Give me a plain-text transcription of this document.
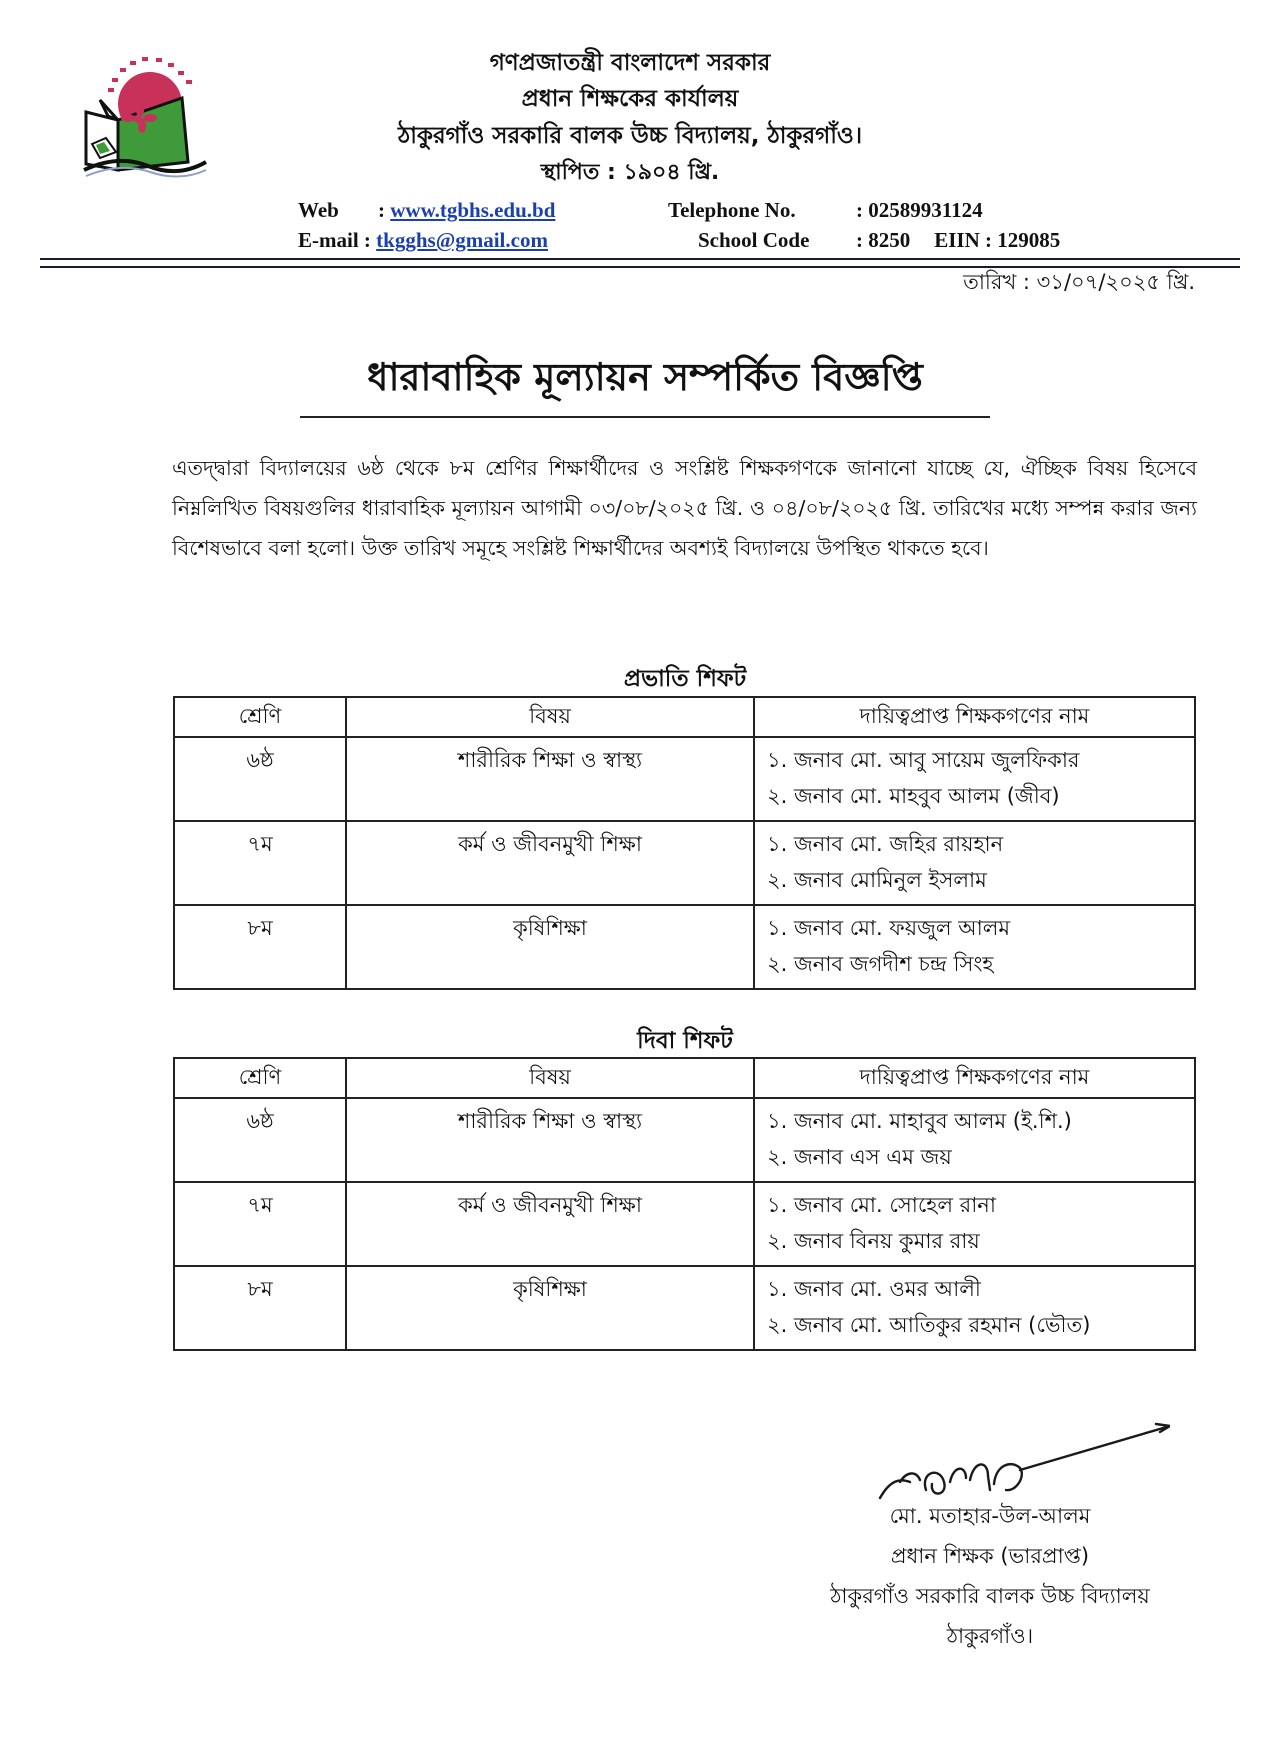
গণপ্রজাতন্ত্রী বাংলাদেশ সরকার
প্রধান শিক্ষকের কার্যালয়
ঠাকুরগাঁও সরকারি বালক উচ্চ বিদ্যালয়, ঠাকুরগাঁও।
স্থাপিত : ১৯০৪ খ্রি.
Web : www.tgbhs.edu.bd
E-mail : tkgghs@gmail.com
Telephone No.	: 02589931124
School Code : 8250 EIIN : 129085
তারিখ : ৩১/০৭/২০২৫ খ্রি.
ধারাবাহিক মূল্যায়ন সম্পর্কিত বিজ্ঞপ্তি
এতদ্দ্বারা বিদ্যালয়ের ৬ষ্ঠ থেকে ৮ম শ্রেণির শিক্ষার্থীদের ও সংশ্লিষ্ট শিক্ষকগণকে জানানো যাচ্ছে যে, ঐচ্ছিক বিষয় হিসেবে নিম্নলিখিত বিষয়গুলির ধারাবাহিক মূল্যায়ন আগামী ০৩/০৮/২০২৫ খ্রি. ও ০৪/০৮/২০২৫ খ্রি. তারিখের মধ্যে সম্পন্ন করার জন্য বিশেষভাবে বলা হলো। উক্ত তারিখ সমূহে সংশ্লিষ্ট শিক্ষার্থীদের অবশ্যই বিদ্যালয়ে উপস্থিত থাকতে হবে।
প্রভাতি শিফট
শ্রেণি	বিষয়	দায়িত্বপ্রাপ্ত শিক্ষকগণের নাম

৬ষ্ঠ	শারীরিক শিক্ষা ও স্বাস্থ্য	১. জনাব মো. আবু সায়েম জুলফিকার
২. জনাব মো. মাহবুব আলম (জীব)

৭ম	কর্ম ও জীবনমুখী শিক্ষা	১. জনাব মো. জহির রায়হান
২. জনাব মোমিনুল ইসলাম

৮ম	কৃষিশিক্ষা	১. জনাব মো. ফয়জুল আলম
২. জনাব জগদীশ চন্দ্র সিংহ
দিবা শিফট
শ্রেণি	বিষয়	দায়িত্বপ্রাপ্ত শিক্ষকগণের নাম

৬ষ্ঠ	শারীরিক শিক্ষা ও স্বাস্থ্য	১. জনাব মো. মাহাবুব আলম (ই.শি.)
২. জনাব এস এম জয়

৭ম	কর্ম ও জীবনমুখী শিক্ষা	১. জনাব মো. সোহেল রানা
২. জনাব বিনয় কুমার রায়

৮ম	কৃষিশিক্ষা	১. জনাব মো. ওমর আলী
২. জনাব মো. আতিকুর রহমান (ভৌত)
মো. মতাহার-উল-আলম
প্রধান শিক্ষক (ভারপ্রাপ্ত)
ঠাকুরগাঁও সরকারি বালক উচ্চ বিদ্যালয়
ঠাকুরগাঁও।
